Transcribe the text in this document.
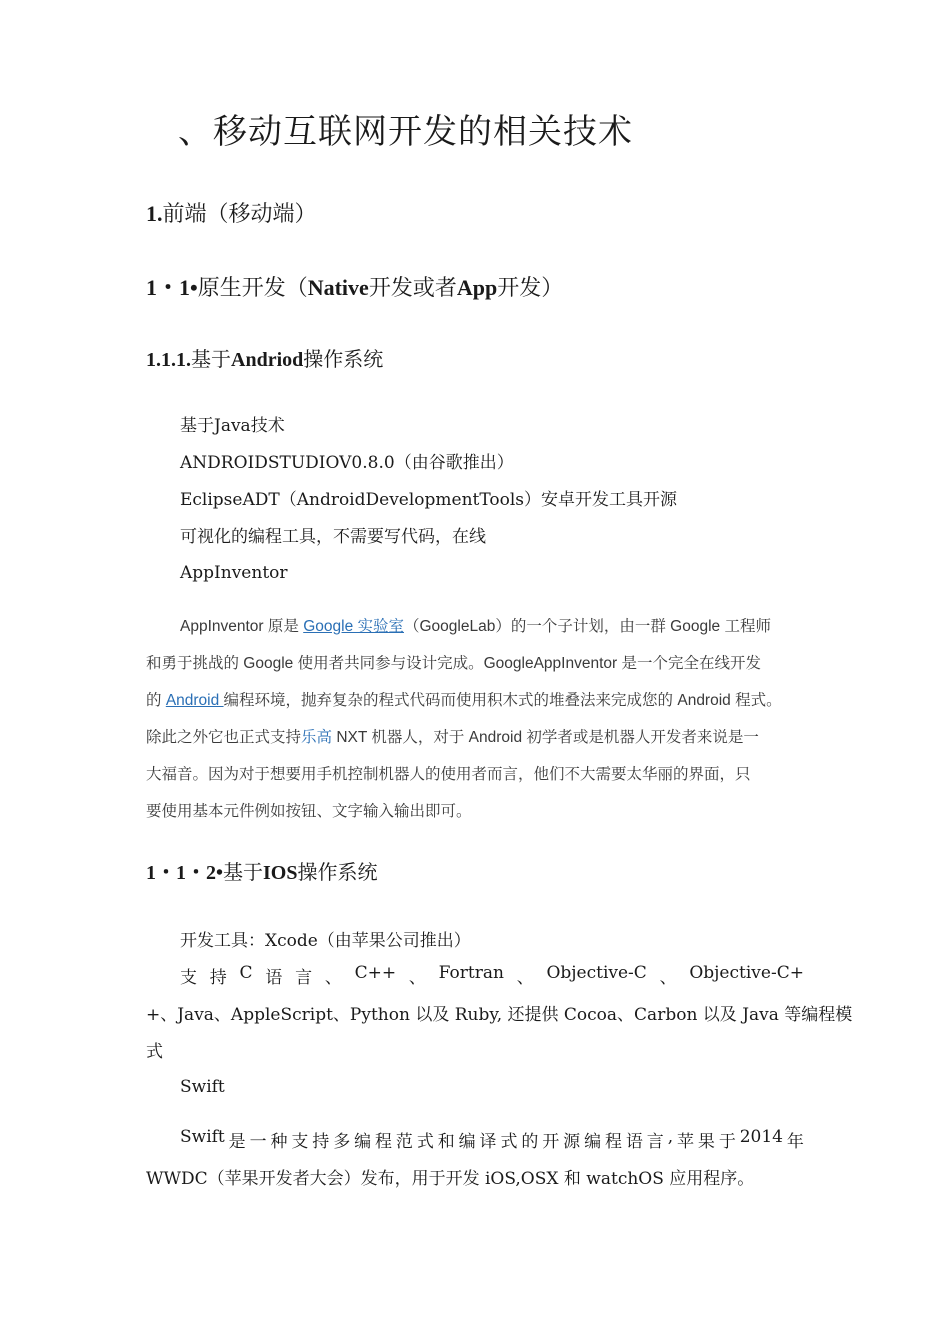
、移动互联网开发的相关技术
1.前端（移动端）
1・1•原生开发（Native开发或者App开发）
1.1.1.基于Andriod操作系统
基于Java技术
ANDROIDSTUDIOV0.8.0（由谷歌推出）
EclipseADT（AndroidDevelopmentTools）安卓开发工具开源
可视化的编程工具，不需要写代码，在线
AppInventor
AppInventor 原是 Google 实验室（GoogleLab）的一个子计划，由一群 Google 工程师
和勇于挑战的 Google 使用者共同参与设计完成。GoogleAppInventor 是一个完全在线开发
的 Android 编程环境，抛弃复杂的程式代码而使用积木式的堆叠法来完成您的 Android 程式。
除此之外它也正式支持乐高 NXT 机器人，对于 Android 初学者或是机器人开发者来说是一
大福音。因为对于想要用手机控制机器人的使用者而言，他们不大需要太华丽的界面，只
要使用基本元件例如按钮、文字输入输出即可。
1・1・2•基于IOS操作系统
开发工具：Xcode（由苹果公司推出）
支 持 C 语 言 、 C++ 、 Fortran 、 Objective-C 、 Objective-C+
+、Java、AppleScript、Python 以及 Ruby, 还提供 Cocoa、Carbon 以及 Java 等编程模
式
Swift
Swift 是 一 种 支 持 多 编 程 范 式 和 编 译 式 的 开 源 编 程 语 言 , 苹 果 于 2014 年
WWDC（苹果开发者大会）发布，用于开发 iOS,OSX 和 watchOS 应用程序。
